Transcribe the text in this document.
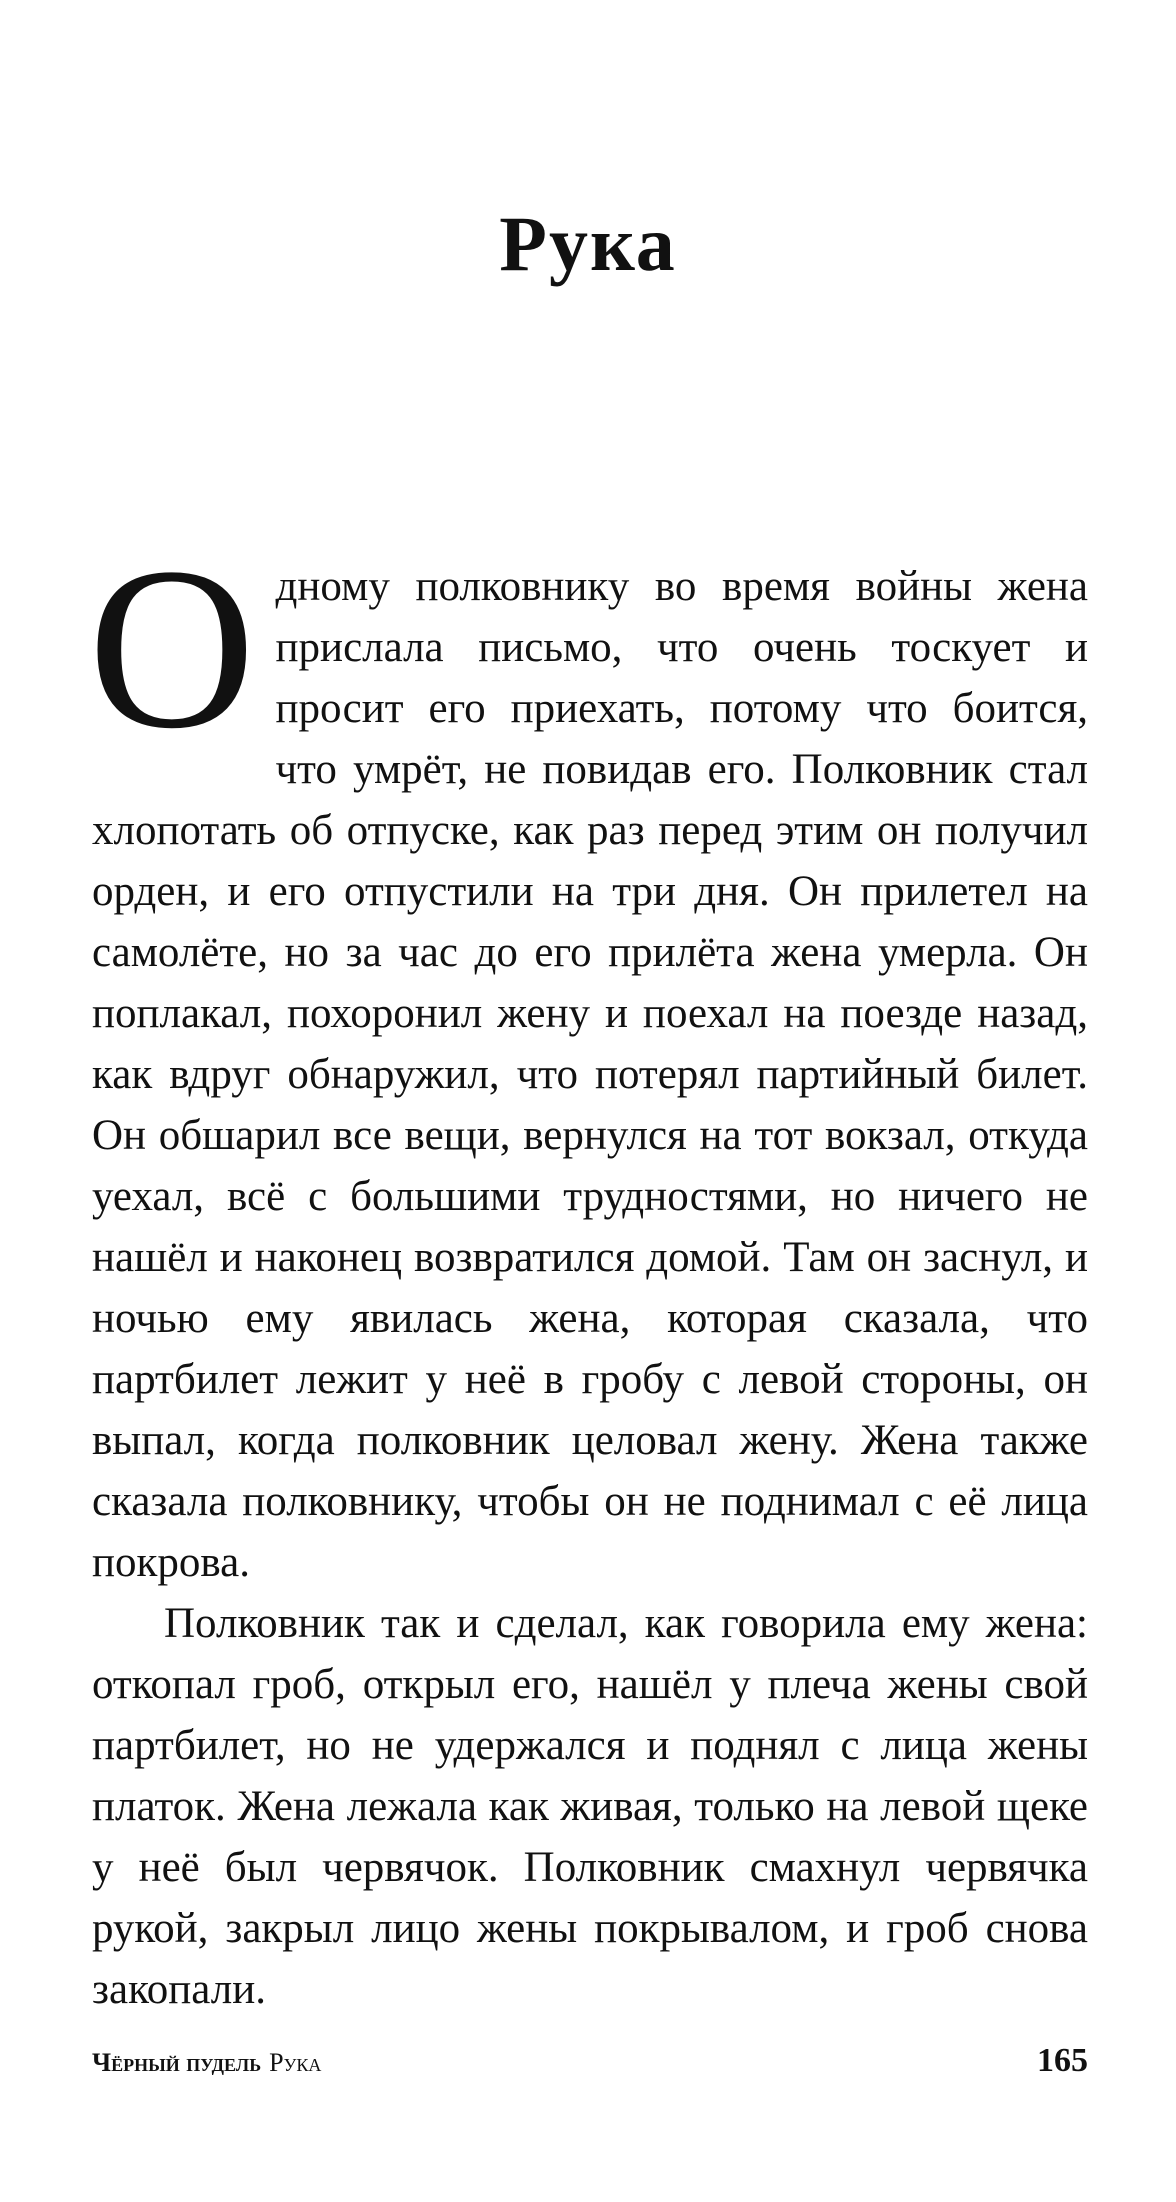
Рука

Одному полковнику во время войны жена прислала письмо, что очень тоскует и просит его приехать, потому что боится, что умрёт, не повидав его. Полковник стал хлопотать об отпуске, как раз перед этим он получил орден, и его отпустили на три дня. Он прилетел на самолёте, но за час до его прилёта жена умерла. Он поплакал, похоронил жену и поехал на поезде назад, как вдруг обнаружил, что потерял партийный билет. Он обшарил все вещи, вернулся на тот вокзал, откуда уехал, всё с большими трудностями, но ничего не нашёл и наконец возвратился домой. Там он заснул, и ночью ему явилась жена, которая сказала, что партбилет лежит у неё в гробу с левой стороны, он выпал, когда полковник целовал жену. Жена также сказала полковнику, чтобы он не поднимал с её лица покрова.

Полковник так и сделал, как говорила ему жена: откопал гроб, открыл его, нашёл у плеча жены свой партбилет, но не удержался и поднял с лица жены платок. Жена лежала как живая, только на левой щеке у неё был червячок. Полковник смахнул червячка рукой, закрыл лицо жены покрывалом, и гроб снова закопали.

Чёрный пудель Рука	165
